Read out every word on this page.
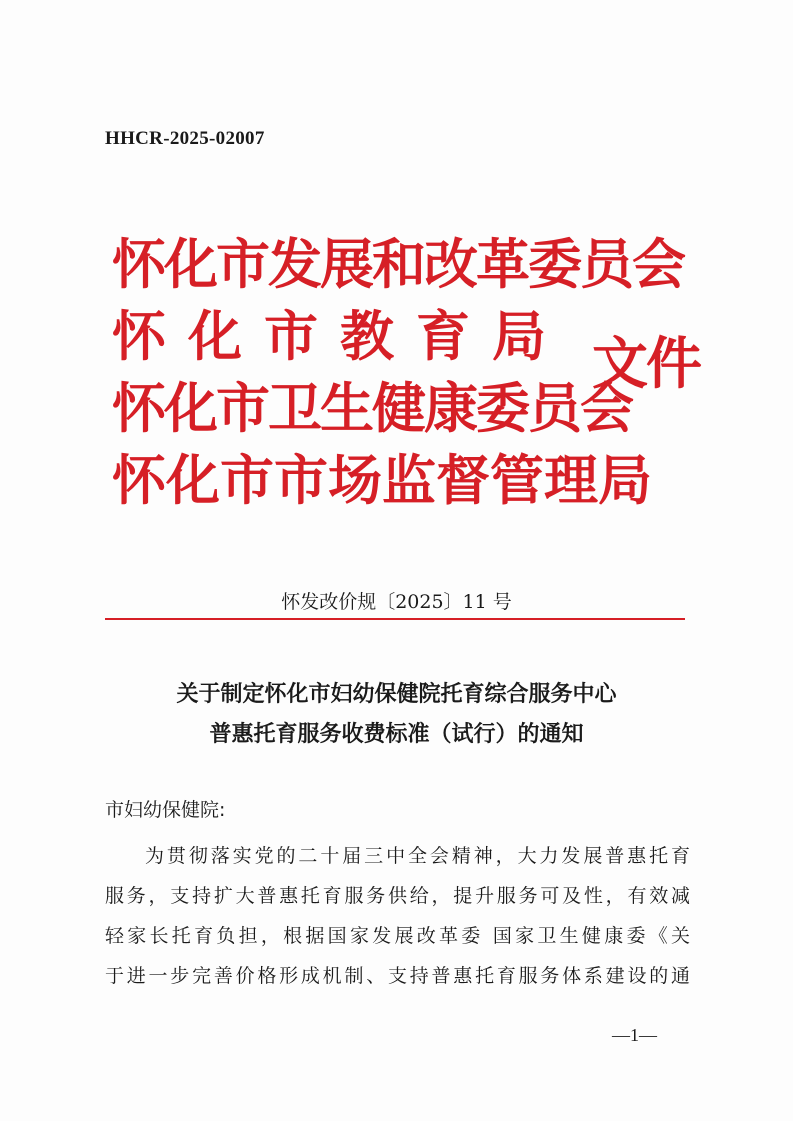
HHCR-2025-02007
怀化市发展和改革委员会
怀化市教育局
怀化市卫生健康委员会
怀化市市场监督管理局
文件
怀发改价规〔2025〕11 号
关于制定怀化市妇幼保健院托育综合服务中心
普惠托育服务收费标准（试行）的通知
市妇幼保健院:
为贯彻落实党的二十届三中全会精神，大力发展普惠托育
服务，支持扩大普惠托育服务供给，提升服务可及性，有效减
轻家长托育负担，根据国家发展改革委 国家卫生健康委《关
于进一步完善价格形成机制、支持普惠托育服务体系建设的通
—1—
